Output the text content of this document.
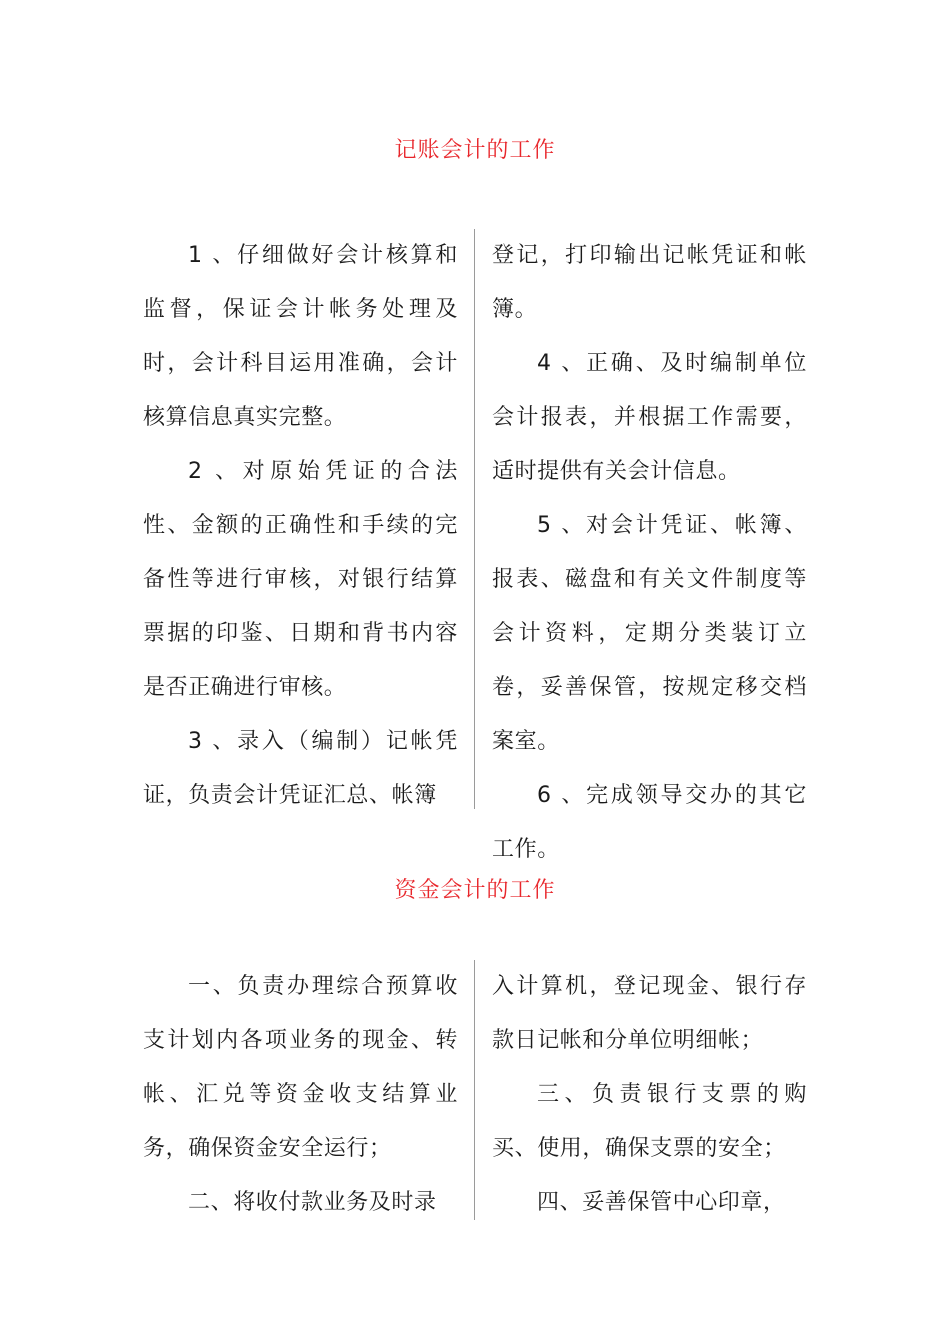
记账会计的工作

1 、仔细做好会计核算和监督，保证会计帐务处理及时，会计科目运用准确，会计核算信息真实完整。

2 、对原始凭证的合法性、金额的正确性和手续的完备性等进行审核，对银行结算票据的印鉴、日期和背书内容是否正确进行审核。

3 、录入（编制）记帐凭证，负责会计凭证汇总、帐簿

登记，打印输出记帐凭证和帐簿。

4 、正确、及时编制单位会计报表，并根据工作需要，适时提供有关会计信息。

5 、对会计凭证、帐簿、报表、磁盘和有关文件制度等会计资料，定期分类装订立卷，妥善保管，按规定移交档案室。

6 、完成领导交办的其它工作。

资金会计的工作

一、负责办理综合预算收支计划内各项业务的现金、转帐、汇兑等资金收支结算业务，确保资金安全运行；

二、将收付款业务及时录

入计算机，登记现金、银行存款日记帐和分单位明细帐；

三、负责银行支票的购买、使用，确保支票的安全；

四、妥善保管中心印章，
